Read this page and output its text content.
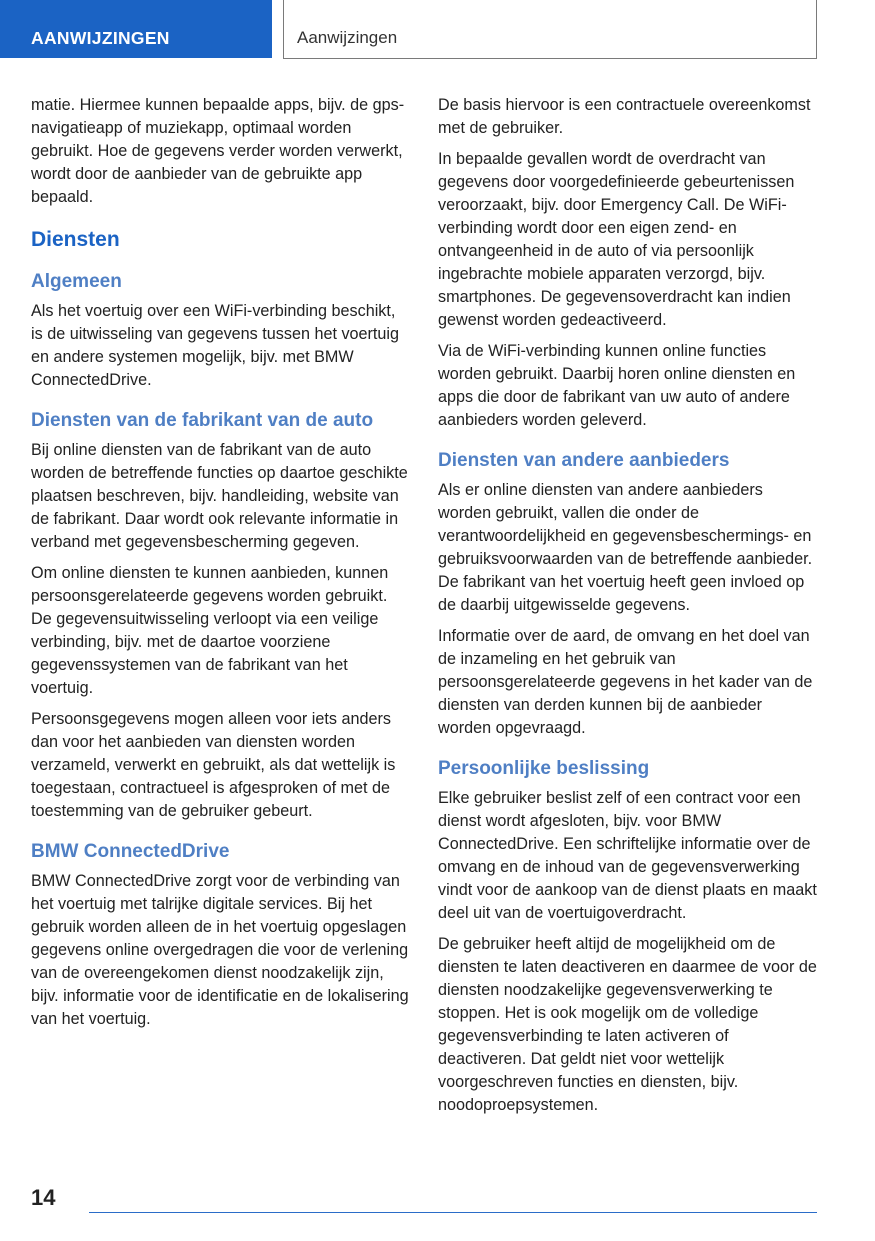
AANWIJZINGEN	Aanwijzingen

matie. Hiermee kunnen bepaalde apps, bijv. de gps-navigatieapp of muziekapp, optimaal worden gebruikt. Hoe de gegevens verder worden verwerkt, wordt door de aanbieder van de gebruikte app bepaald.

Diensten
Algemeen

Als het voertuig over een WiFi-verbinding beschikt, is de uitwisseling van gegevens tussen het voertuig en andere systemen mogelijk, bijv. met BMW ConnectedDrive.

Diensten van de fabrikant van de auto

Bij online diensten van de fabrikant van de auto worden de betreffende functies op daartoe geschikte plaatsen beschreven, bijv. handleiding, website van de fabrikant. Daar wordt ook relevante informatie in verband met gegevensbescherming gegeven.

Om online diensten te kunnen aanbieden, kunnen persoonsgerelateerde gegevens worden gebruikt. De gegevensuitwisseling verloopt via een veilige verbinding, bijv. met de daartoe voorziene gegevenssystemen van de fabrikant van het voertuig.

Persoonsgegevens mogen alleen voor iets anders dan voor het aanbieden van diensten worden verzameld, verwerkt en gebruikt, als dat wettelijk is toegestaan, contractueel is afgesproken of met de toestemming van de gebruiker gebeurt.

BMW ConnectedDrive

BMW ConnectedDrive zorgt voor de verbinding van het voertuig met talrijke digitale services. Bij het gebruik worden alleen de in het voertuig opgeslagen gegevens online overgedragen die voor de verlening van de overeengekomen dienst noodzakelijk zijn, bijv. informatie voor de identificatie en de lokalisering van het voertuig.

De basis hiervoor is een contractuele overeenkomst met de gebruiker.

In bepaalde gevallen wordt de overdracht van gegevens door voorgedefinieerde gebeurtenissen veroorzaakt, bijv. door Emergency Call. De WiFi-verbinding wordt door een eigen zend- en ontvangeenheid in de auto of via persoonlijk ingebrachte mobiele apparaten verzorgd, bijv. smartphones. De gegevensoverdracht kan indien gewenst worden gedeactiveerd.

Via de WiFi-verbinding kunnen online functies worden gebruikt. Daarbij horen online diensten en apps die door de fabrikant van uw auto of andere aanbieders worden geleverd.

Diensten van andere aanbieders

Als er online diensten van andere aanbieders worden gebruikt, vallen die onder de verantwoordelijkheid en gegevensbeschermings- en gebruiksvoorwaarden van de betreffende aanbieder. De fabrikant van het voertuig heeft geen invloed op de daarbij uitgewisselde gegevens.

Informatie over de aard, de omvang en het doel van de inzameling en het gebruik van persoonsgerelateerde gegevens in het kader van de diensten van derden kunnen bij de aanbieder worden opgevraagd.

Persoonlijke beslissing

Elke gebruiker beslist zelf of een contract voor een dienst wordt afgesloten, bijv. voor BMW ConnectedDrive. Een schriftelijke informatie over de omvang en de inhoud van de gegevensverwerking vindt voor de aankoop van de dienst plaats en maakt deel uit van de voertuigoverdracht.

De gebruiker heeft altijd de mogelijkheid om de diensten te laten deactiveren en daarmee de voor de diensten noodzakelijke gegevensverwerking te stoppen. Het is ook mogelijk om de volledige gegevensverbinding te laten activeren of deactiveren. Dat geldt niet voor wettelijk voorgeschreven functies en diensten, bijv. noodoproepsystemen.

14
